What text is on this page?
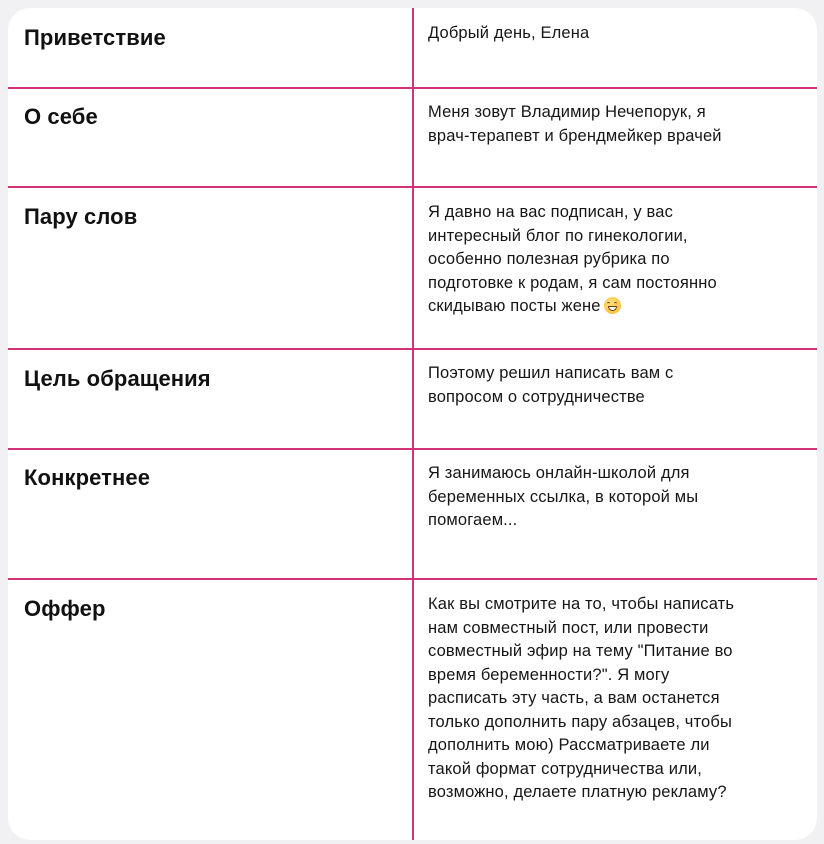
Приветствие	Добрый день, Елена
О себе	Меня зовут Владимир Нечепорук, я
врач-терапевт и брендмейкер врачей
Пару слов	Я давно на вас подписан, у вас
интересный блог по гинекологии,
особенно полезная рубрика по
подготовке к родам, я сам постоянно
скидываю посты жене
Цель обращения	Поэтому решил написать вам с
вопросом о сотрудничестве
Конкретнее	Я занимаюсь онлайн-школой для
беременных ссылка, в которой мы
помогаем...
Оффер	Как вы смотрите на то, чтобы написать
нам совместный пост, или провести
совместный эфир на тему "Питание во
время беременности?". Я могу
расписать эту часть, а вам останется
только дополнить пару абзацев, чтобы
дополнить мою) Рассматриваете ли
такой формат сотрудничества или,
возможно, делаете платную рекламу?
